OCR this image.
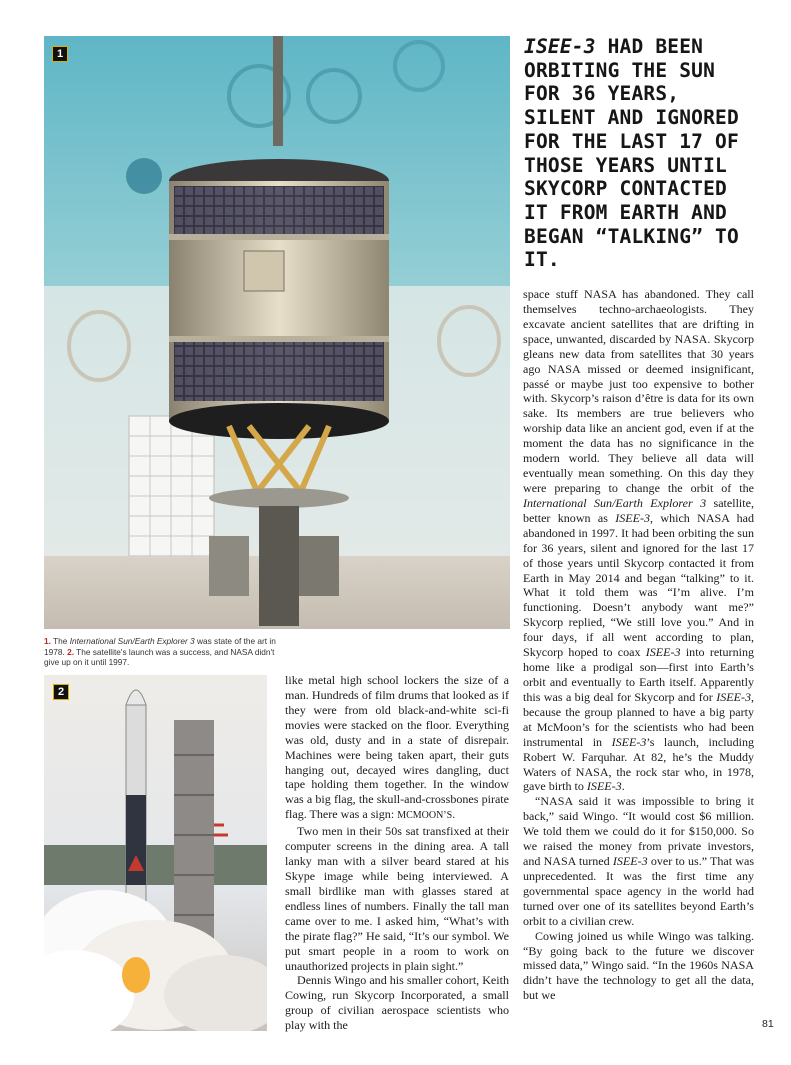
1
2
1. The International Sun/Earth Explorer 3 was state of the art in 1978. 2. The satellite's launch was a success, and NASA didn't give up on it until 1997.
ISEE-3 HAD BEEN ORBITING THE SUN FOR 36 YEARS, SILENT AND IGNORED FOR THE LAST 17 OF THOSE YEARS UNTIL SKYCORP CONTACTED IT FROM EARTH AND BEGAN “TALKING” TO IT.

like metal high school lockers the size of a man. Hundreds of film drums that looked as if they were from old black-and-white sci-fi movies were stacked on the floor. Everything was old, dusty and in a state of disrepair. Machines were being taken apart, their guts hanging out, decayed wires dangling, duct tape holding them together. In the window was a big flag, the skull-and-crossbones pirate flag. There was a sign: MCMOON’S.

Two men in their 50s sat transfixed at their computer screens in the dining area. A tall lanky man with a silver beard stared at his Skype image while being interviewed. A small birdlike man with glasses stared at endless lines of numbers. Finally the tall man came over to me. I asked him, “What’s with the pirate flag?” He said, “It’s our symbol. We put smart people in a room to work on unauthorized projects in plain sight.”

Dennis Wingo and his smaller cohort, Keith Cowing, run Skycorp Incorporated, a small group of civilian aerospace scientists who play with the

space stuff NASA has abandoned. They call themselves techno-archaeologists. They excavate ancient satellites that are drifting in space, unwanted, discarded by NASA. Skycorp gleans new data from satellites that 30 years ago NASA missed or deemed insignificant, passé or maybe just too expensive to bother with. Skycorp’s raison d’être is data for its own sake. Its members are true believers who worship data like an ancient god, even if at the moment the data has no significance in the modern world. They believe all data will eventually mean something. On this day they were preparing to change the orbit of the International Sun/Earth Explorer 3 satellite, better known as ISEE-3, which NASA had abandoned in 1997. It had been orbiting the sun for 36 years, silent and ignored for the last 17 of those years until Skycorp contacted it from Earth in May 2014 and began “talking” to it. What it told them was “I’m alive. I’m functioning. Doesn’t anybody want me?” Skycorp replied, “We still love you.” And in four days, if all went according to plan, Skycorp hoped to coax ISEE-3 into returning home like a prodigal son—first into Earth’s orbit and eventually to Earth itself. Apparently this was a big deal for Skycorp and for ISEE-3, because the group planned to have a big party at McMoon’s for the scientists who had been instrumental in ISEE-3’s launch, including Robert W. Farquhar. At 82, he’s the Muddy Waters of NASA, the rock star who, in 1978, gave birth to ISEE-3.

“NASA said it was impossible to bring it back,” said Wingo. “It would cost $6 million. We told them we could do it for $150,000. So we raised the money from private investors, and NASA turned ISEE-3 over to us.” That was unprecedented. It was the first time any governmental space agency in the world had turned over one of its satellites beyond Earth’s orbit to a civilian crew.

Cowing joined us while Wingo was talking. “By going back to the future we discover missed data,” Wingo said. “In the 1960s NASA didn’t have the technology to get all the data, but we

81
